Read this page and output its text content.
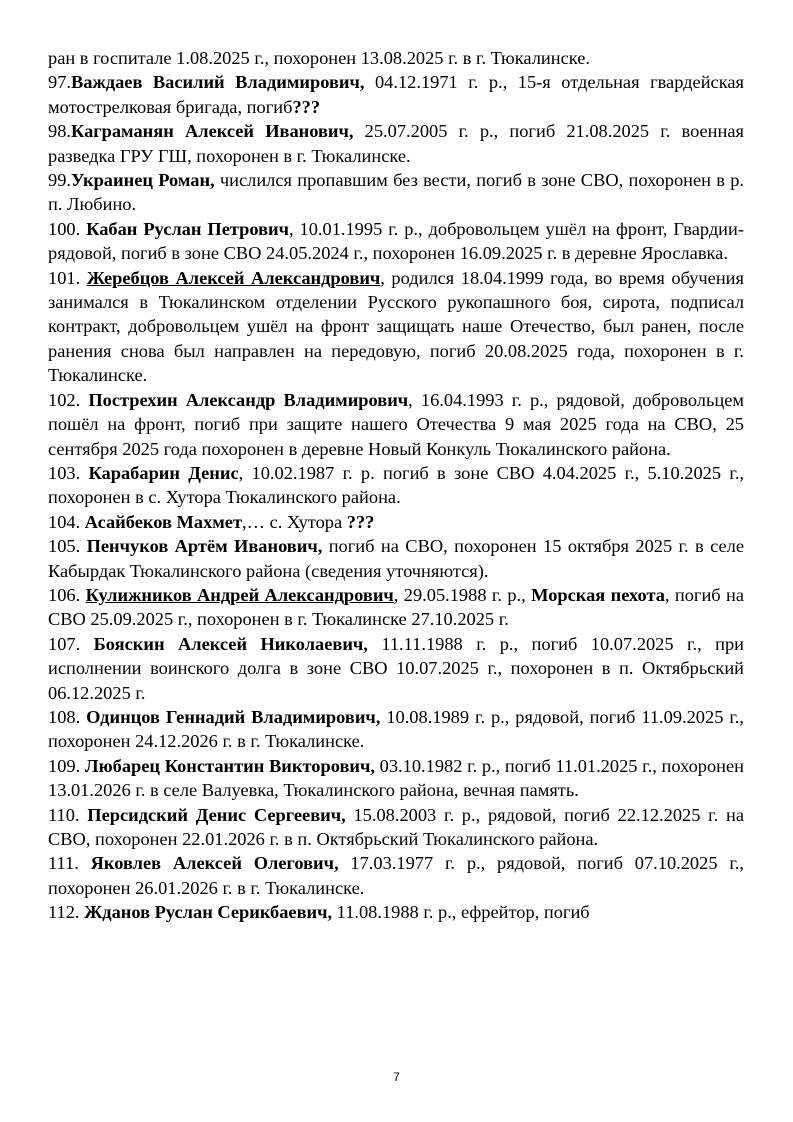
ран в госпитале 1.08.2025 г., похоронен 13.08.2025 г. в г. Тюкалинске.

97.Важдаев Василий Владимирович, 04.12.1971 г. р., 15-я отдельная гвардейская мотострелковая бригада, погиб???

98.Каграманян Алексей Иванович, 25.07.2005 г. р., погиб 21.08.2025 г. военная разведка ГРУ ГШ, похоронен в г. Тюкалинске.

99.Украинец Роман, числился пропавшим без вести, погиб в зоне СВО, похоронен в р. п. Любино.

100. Кабан Руслан Петрович, 10.01.1995 г. р., добровольцем ушёл на фронт, Гвардии-рядовой, погиб в зоне СВО 24.05.2024 г., похоронен 16.09.2025 г. в деревне Ярославка.

101. Жеребцов Алексей Александрович, родился 18.04.1999 года, во время обучения занимался в Тюкалинском отделении Русского рукопашного боя, сирота, подписал контракт, добровольцем ушёл на фронт защищать наше Отечество, был ранен, после ранения снова был направлен на передовую, погиб 20.08.2025 года, похоронен в г. Тюкалинске.

102. Пострехин Александр Владимирович, 16.04.1993 г. р., рядовой, добровольцем пошёл на фронт, погиб при защите нашего Отечества 9 мая 2025 года на СВО, 25 сентября 2025 года похоронен в деревне Новый Конкуль Тюкалинского района.

103. Карабарин Денис, 10.02.1987 г. р. погиб в зоне СВО 4.04.2025 г., 5.10.2025 г., похоронен в с. Хутора Тюкалинского района.

104. Асайбеков Махмет,… с. Хутора ???

105. Пенчуков Артём Иванович, погиб на СВО, похоронен 15 октября 2025 г. в селе Кабырдак Тюкалинского района (сведения уточняются).

106. Кулижников Андрей Александрович, 29.05.1988 г. р., Морская пехота, погиб на СВО 25.09.2025 г., похоронен в г. Тюкалинске 27.10.2025 г.

107. Бояскин Алексей Николаевич, 11.11.1988 г. р., погиб 10.07.2025 г., при исполнении воинского долга в зоне СВО 10.07.2025 г., похоронен в п. Октябрьский 06.12.2025 г.

108. Одинцов Геннадий Владимирович, 10.08.1989 г. р., рядовой, погиб 11.09.2025 г., похоронен 24.12.2026 г. в г. Тюкалинске.

109. Любарец Константин Викторович, 03.10.1982 г. р., погиб 11.01.2025 г., похоронен 13.01.2026 г. в селе Валуевка, Тюкалинского района, вечная память.

110. Персидский Денис Сергеевич, 15.08.2003 г. р., рядовой, погиб 22.12.2025 г. на СВО, похоронен 22.01.2026 г. в п. Октябрьский Тюкалинского района.

111. Яковлев Алексей Олегович, 17.03.1977 г. р., рядовой, погиб 07.10.2025 г., похоронен 26.01.2026 г. в г. Тюкалинске.

112. Жданов Руслан Серикбаевич, 11.08.1988 г. р., ефрейтор, погиб

7
